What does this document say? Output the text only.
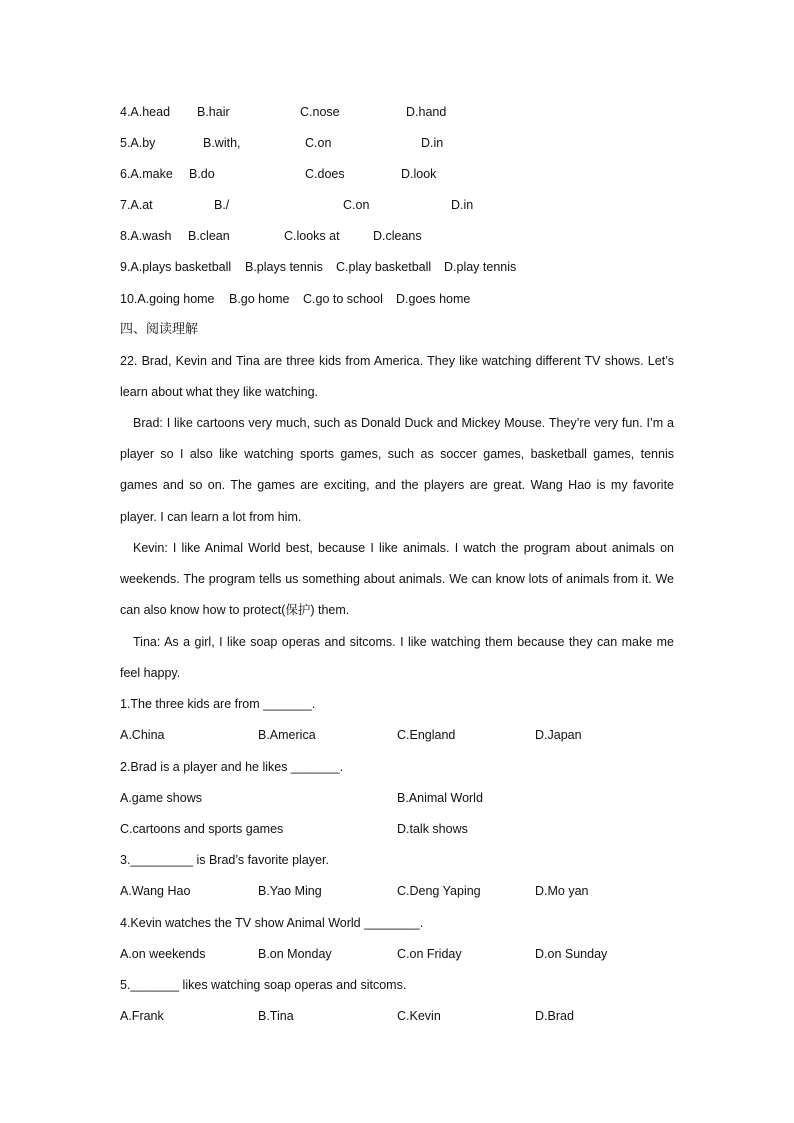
4.A.head B.hair	C.nose	D.hand
5.A.by	B.with,	C.on	D.in
6.A.make B.do	C.does	D.look
7.A.at	B./	C.on	D.in
8.A.wash B.clean	C.looks at	D.cleans
9.A.plays basketball B.plays tennis C.play basketball D.play tennis
10.A.going home B.go home C.go to school D.goes home
四、阅读理解
22. Brad, Kevin and Tina are three kids from America. They like watching different TV shows. Let’s learn about what they like watching.

Brad: I like cartoons very much, such as Donald Duck and Mickey Mouse. They’re very fun. I’m a player so I also like watching sports games, such as soccer games, basketball games, tennis games and so on. The games are exciting, and the players are great. Wang Hao is my favorite player. I can learn a lot from him.

Kevin: I like Animal World best, because I like animals. I watch the program about animals on weekends. The program tells us something about animals. We can know lots of animals from it. We can also know how to protect(保护) them.

Tina: As a girl, I like soap operas and sitcoms. I like watching them because they can make me feel happy.

1.The three kids are from _______.
A.China	B.America	C.England	D.Japan
2.Brad is a player and he likes _______.
A.game shows	B.Animal World
C.cartoons and sports games	D.talk shows
3._________ is Brad’s favorite player.
A.Wang Hao	B.Yao Ming	C.Deng Yaping	D.Mo yan
4.Kevin watches the TV show Animal World ________.
A.on weekends	B.on Monday	C.on Friday	D.on Sunday
5._______ likes watching soap operas and sitcoms.
A.Frank	B.Tina	C.Kevin	D.Brad
